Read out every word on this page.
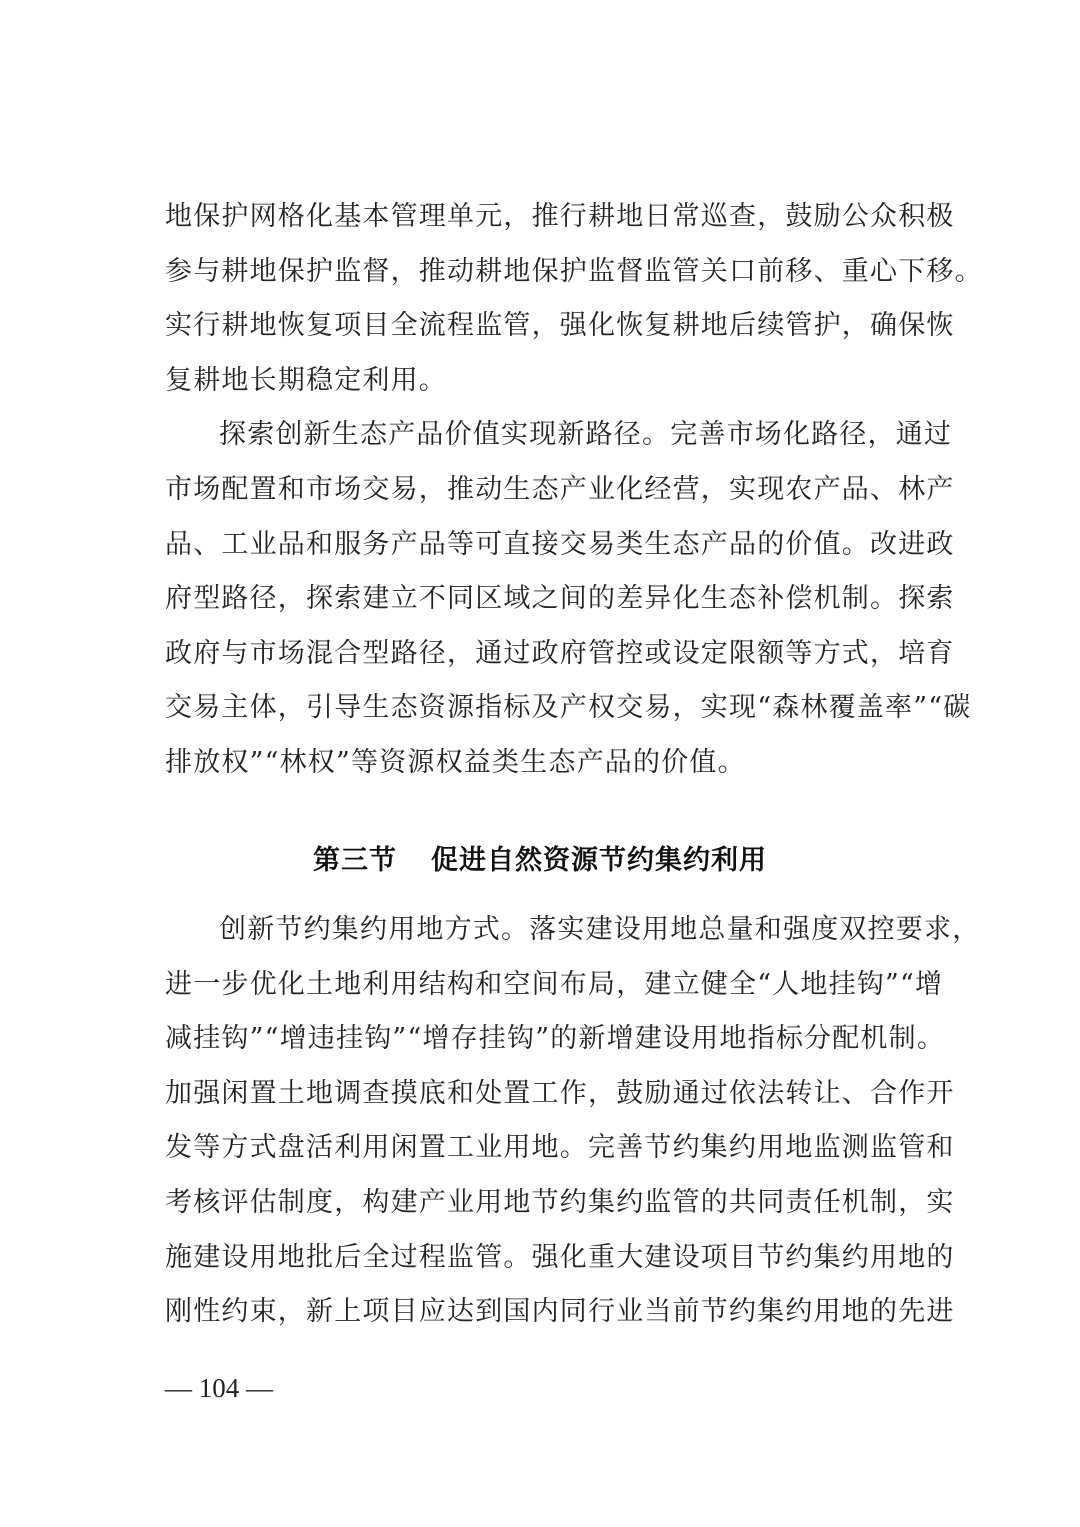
地保护网格化基本管理单元，推行耕地日常巡查，鼓励公众积极
参与耕地保护监督，推动耕地保护监督监管关口前移、重心下移。
实行耕地恢复项目全流程监管，强化恢复耕地后续管护，确保恢
复耕地长期稳定利用。

探索创新生态产品价值实现新路径。完善市场化路径，通过
市场配置和市场交易，推动生态产业化经营，实现农产品、林产
品、工业品和服务产品等可直接交易类生态产品的价值。改进政
府型路径，探索建立不同区域之间的差异化生态补偿机制。探索
政府与市场混合型路径，通过政府管控或设定限额等方式，培育
交易主体，引导生态资源指标及产权交易，实现“森林覆盖率”“碳
排放权”“林权”等资源权益类生态产品的价值。

第三节 促进自然资源节约集约利用

创新节约集约用地方式。落实建设用地总量和强度双控要求，
进一步优化土地利用结构和空间布局，建立健全“人地挂钩”“增
减挂钩”“增违挂钩”“增存挂钩”的新增建设用地指标分配机制。
加强闲置土地调查摸底和处置工作，鼓励通过依法转让、合作开
发等方式盘活利用闲置工业用地。完善节约集约用地监测监管和
考核评估制度，构建产业用地节约集约监管的共同责任机制，实
施建设用地批后全过程监管。强化重大建设项目节约集约用地的
刚性约束，新上项目应达到国内同行业当前节约集约用地的先进

— 104 —
